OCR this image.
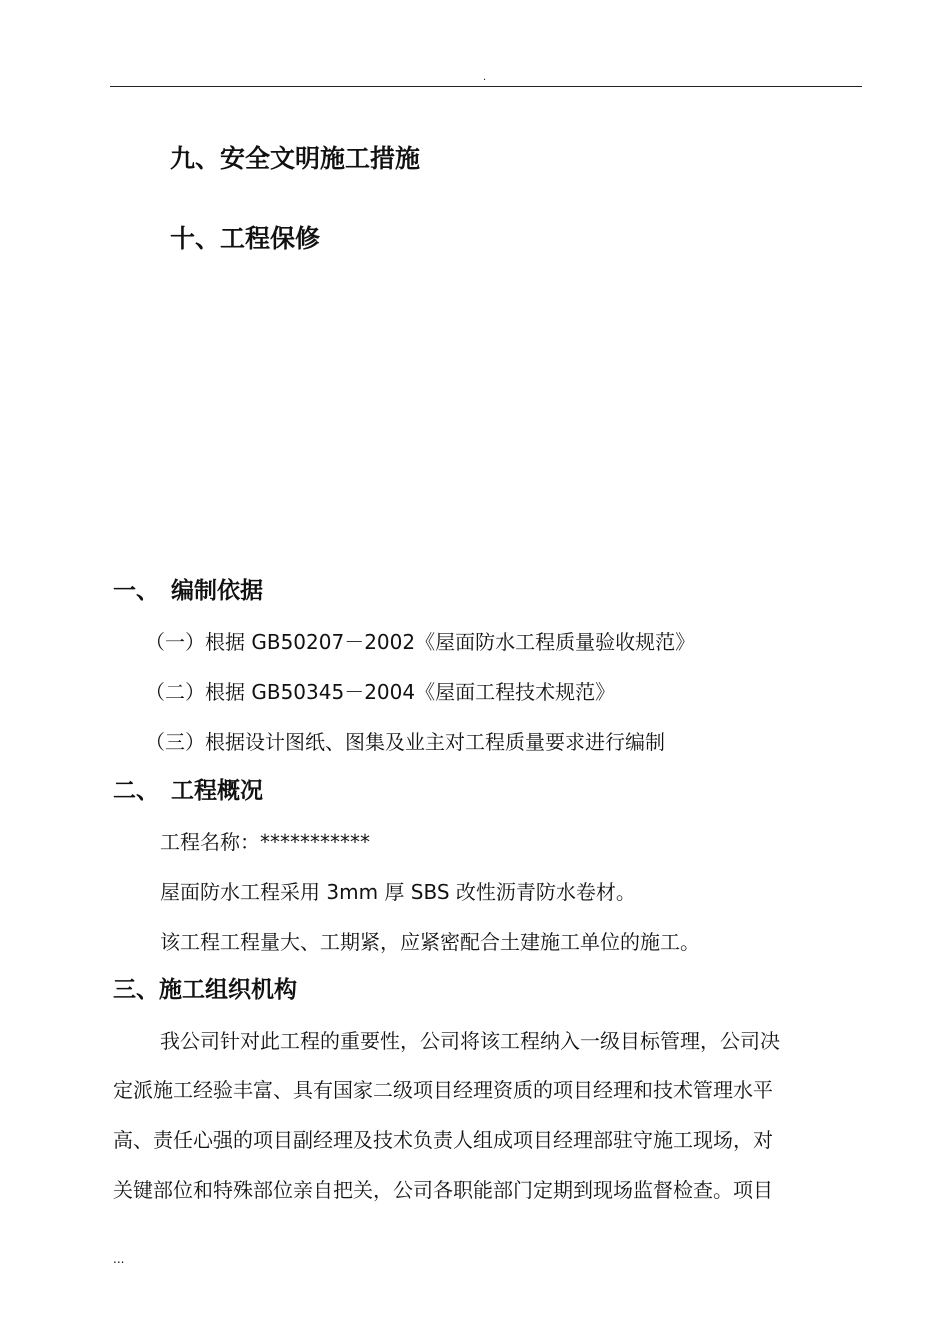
.
九、安全文明施工措施
十、工程保修
一、 编制依据
（一）根据 GB50207－2002《屋面防水工程质量验收规范》
（二）根据 GB50345－2004《屋面工程技术规范》
（三）根据设计图纸、图集及业主对工程质量要求进行编制
二、 工程概况
工程名称：***********
屋面防水工程采用 3mm 厚 SBS 改性沥青防水卷材。
该工程工程量大、工期紧，应紧密配合土建施工单位的施工。
三、施工组织机构
我公司针对此工程的重要性，公司将该工程纳入一级目标管理，公司决
定派施工经验丰富、具有国家二级项目经理资质的项目经理和技术管理水平
高、责任心强的项目副经理及技术负责人组成项目经理部驻守施工现场，对
关键部位和特殊部位亲自把关，公司各职能部门定期到现场监督检查。项目
...
